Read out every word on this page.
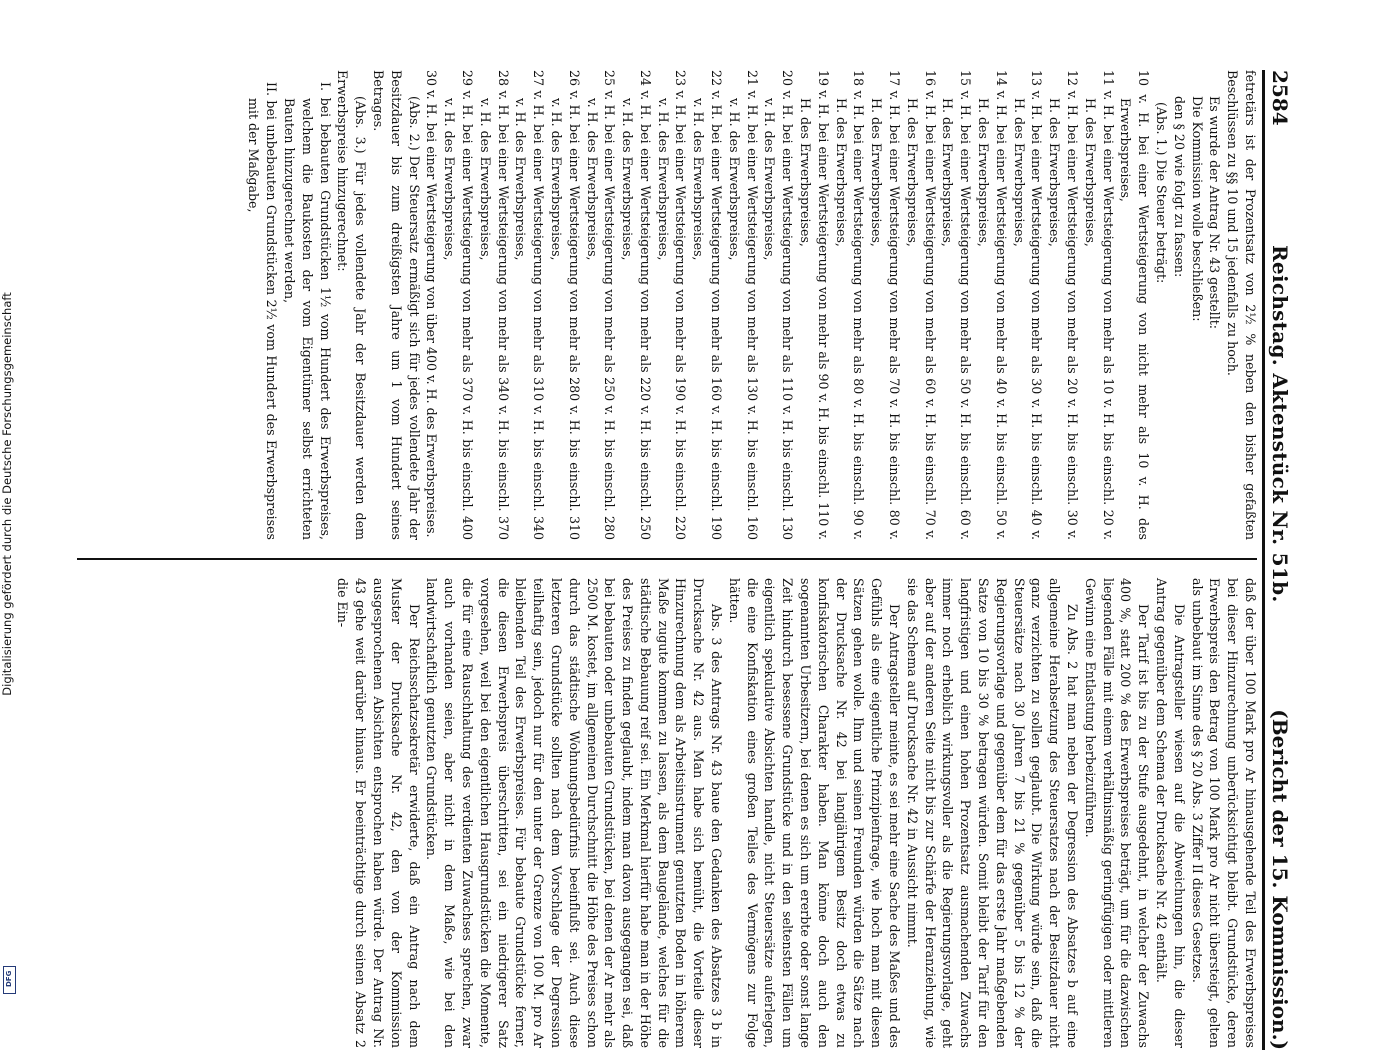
2584
Reichstag. Aktenstück Nr. 51b.
(Bericht der 15. Kommission.)

fetretärs ist der Prozentsatz von 2½ % neben den bisher gefaßten Beschlüssen zu §§ 10 und 15 jedenfalls zu hoch.

Es wurde der Antrag Nr. 43 gestellt:

Die Kommission wolle beschließen:

den § 20 wie folgt zu fassen:

(Abs. 1.) Die Steuer beträgt:

10 v. H. bei einer Wertsteigerung von nicht mehr als 10 v. H. des Erwerbspreises,

11 v. H. bei einer Wertsteigerung von mehr als 10 v. H. bis einschl. 20 v. H. des Erwerbspreises,

12 v. H. bei einer Wertsteigerung von mehr als 20 v. H. bis einschl. 30 v. H. des Erwerbspreises,

13 v. H. bei einer Wertsteigerung von mehr als 30 v. H. bis einschl. 40 v. H. des Erwerbspreises,

14 v. H. bei einer Wertsteigerung von mehr als 40 v. H. bis einschl. 50 v. H. des Erwerbspreises,

15 v. H. bei einer Wertsteigerung von mehr als 50 v. H. bis einschl. 60 v. H. des Erwerbspreises,

16 v. H. bei einer Wertsteigerung von mehr als 60 v. H. bis einschl. 70 v. H. des Erwerbspreises,

17 v. H. bei einer Wertsteigerung von mehr als 70 v. H. bis einschl. 80 v. H. des Erwerbspreises,

18 v. H. bei einer Wertsteigerung von mehr als 80 v. H. bis einschl. 90 v. H. des Erwerbspreises,

19 v. H. bei einer Wertsteigerung von mehr als 90 v. H. bis einschl. 110 v. H. des Erwerbspreises,

20 v. H. bei einer Wertsteigerung von mehr als 110 v. H. bis einschl. 130 v. H. des Erwerbspreises,

21 v. H. bei einer Wertsteigerung von mehr als 130 v. H. bis einschl. 160 v. H. des Erwerbspreises,

22 v. H. bei einer Wertsteigerung von mehr als 160 v. H. bis einschl. 190 v. H. des Erwerbspreises,

23 v. H. bei einer Wertsteigerung von mehr als 190 v. H. bis einschl. 220 v. H. des Erwerbspreises,

24 v. H. bei einer Wertsteigerung von mehr als 220 v. H. bis einschl. 250 v. H. des Erwerbspreises,

25 v. H. bei einer Wertsteigerung von mehr als 250 v. H. bis einschl. 280 v. H. des Erwerbspreises,

26 v. H. bei einer Wertsteigerung von mehr als 280 v. H. bis einschl. 310 v. H. des Erwerbspreises,

27 v. H. bei einer Wertsteigerung von mehr als 310 v. H. bis einschl. 340 v. H. des Erwerbspreises,

28 v. H. bei einer Wertsteigerung von mehr als 340 v. H. bis einschl. 370 v. H. des Erwerbspreises,

29 v. H. bei einer Wertsteigerung von mehr als 370 v. H. bis einschl. 400 v. H. des Erwerbspreises,

30 v. H. bei einer Wertsteigerung von über 400 v. H. des Erwerbspreises.

(Abs. 2.) Der Steuersatz ermäßigt sich für jedes vollendete Jahr der Besitzdauer bis zum dreißigsten Jahre um 1 vom Hundert seines Betrages.

(Abs. 3.) Für jedes vollendete Jahr der Besitzdauer werden dem Erwerbspreise hinzugerechnet:

I. bei bebauten Grundstücken 1½ vom Hundert des Erwerbspreises, welchem die Baukosten der vom Eigentümer selbst errichteten Bauten hinzugerechnet werden,

II. bei unbebauten Grundstücken 2½ vom Hundert des Erwerbspreises mit der Maßgabe,

daß der über 100 Mark pro Ar hinausgehende Teil des Erwerbspreises bei dieser Hinzurechnung unberücksichtigt bleibt. Grundstücke, deren Erwerbspreis den Betrag von 100 Mark pro Ar nicht übersteigt, gelten als unbebaut im Sinne des § 20 Abs. 3 Ziffer II dieses Gesetzes.

Die Antragsteller wiesen auf die Abweichungen hin, die dieser Antrag gegenüber dem Schema der Drucksache Nr. 42 enthält.

Der Tarif ist bis zu der Stufe ausgedehnt, in welcher der Zuwachs 400 %, statt 200 % des Erwerbspreises beträgt, um für die dazwischen liegenden Fälle mit einem verhältnismäßig geringfügigen oder mittleren Gewinn eine Entlastung herbeizuführen.

Zu Abs. 2 hat man neben der Degression des Absatzes b auf eine allgemeine Herabsetzung des Steuersatzes nach der Besitzdauer nicht ganz verzichten zu sollen geglaubt. Die Wirkung würde sein, daß die Steuersätze nach 30 Jahren 7 bis 21 % gegenüber 5 bis 12 % der Regierungsvorlage und gegenüber dem für das erste Jahr maßgebenden Satze von 10 bis 30 % betragen würden. Somit bleibt der Tarif für den langfristigen und einen hohen Prozentsatz ausmachenden Zuwachs immer noch erheblich wirkungsvoller als die Regierungsvorlage, geht aber auf der anderen Seite nicht bis zur Schärfe der Heranziehung, wie sie das Schema auf Drucksache Nr. 42 in Aussicht nimmt.

Der Antragsteller meinte, es sei mehr eine Sache des Maßes und des Gefühls als eine eigentliche Prinzipienfrage, wie hoch man mit diesen Sätzen gehen wolle. Ihm und seinen Freunden würden die Sätze nach der Drucksache Nr. 42 bei langjährigem Besitz doch etwas zu konfiskatorischen Charakter haben. Man könne doch auch den sogenannten Urbesitzern, bei denen es sich um ererbte oder sonst lange Zeit hindurch besessene Grundstücke und in den seltensten Fällen um eigentlich spekulative Absichten handle, nicht Steuersätze auferlegen, die eine Konfiskation eines großen Teiles des Vermögens zur Folge hätten.

Abs. 3 des Antrags Nr. 43 baue den Gedanken des Absatzes 3 b in Drucksache Nr. 42 aus. Man habe sich bemüht, die Vorteile dieser Hinzurechnung dem als Arbeitsinstrument genutzten Boden in höherem Maße zugute kommen zu lassen, als dem Baugelände, welches für die städtische Bebauung reif sei. Ein Merkmal hierfür habe man in der Höhe des Preises zu finden geglaubt, indem man davon ausgegangen sei, daß bei bebauten oder unbebauten Grundstücken, bei denen der Ar mehr als 2500 M. kostet, im allgemeinen Durchschnitt die Höhe des Preises schon durch das städtische Wohnungsbedürfnis beeinflußt sei. Auch diese letzteren Grundstücke sollten nach dem Vorschlage der Degression teilhaftig sein, jedoch nur für den unter der Grenze von 100 M. pro Ar bleibenden Teil des Erwerbspreises. Für bebaute Grundstücke ferner, die diesen Erwerbspreis überschritten, sei ein niedrigerer Satz vorgesehen, weil bei den eigentlichen Hausgrundstücken die Momente, die für eine Rauschhaltung des verdienten Zuwachses sprechen, zwar auch vorhanden seien, aber nicht in dem Maße, wie bei den landwirtschaftlich genutzten Grundstücken.

Der Reichsschatzsekretär erwiderte, daß ein Antrag nach dem Muster der Drucksache Nr. 42, den von der Kommission ausgesprochenen Absichten entsprochen haben würde. Der Antrag Nr. 43 gehe weit darüber hinaus. Er beeinträchtige durch seinen Absatz 2 die Ein-

Digitalisierung gefördert durch die Deutsche Forschungsgemeinschaft
DFG
